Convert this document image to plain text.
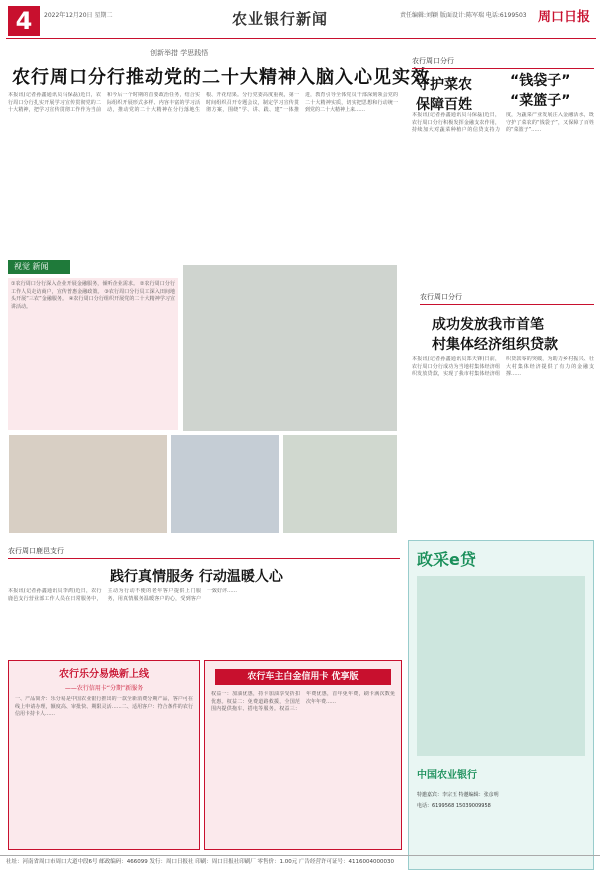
4	2022年12月20日 星期二	农业银行新闻	责任编辑:刘颖 版面设计:陈军瑞 电话:6199503 周口日报
创新举措 学思践悟
农行周口分行推动党的二十大精神入脑入心见实效
本报讯(记者孙鑫通讯员马保磊)近日，农行周口分行扎实开展学习宣传贯彻党的二十大精神，把学习宣传贯彻工作作为当前和今后一个时期的首要政治任务，结合实际组织开展形式多样、内容丰富的学习活动，推动党的二十大精神在分行落地生根、开花结果。分行党委高度重视，第一时间组织召开专题会议，制定学习宣传贯彻方案，围绕“学、讲、践、建”一体推进，教育引导全体党员干部深刻领会党的二十大精神实质，切实把思想和行动统一到党的二十大精神上来……
视觉 新闻
①农行周口分行深入企业开展金融服务，倾听企业需求。 ②农行周口分行工作人员走访商户，宣传普惠金融政策。 ③农行周口分行员工深入田间地头开展“三农”金融服务。 ④农行周口分行组织开展党的二十大精神学习宣讲活动。
农行周口分行
守护菜农	“钱袋子”
保障百姓	“菜篮子”
本报讯(记者孙鑫通讯员马保磊)近日，农行周口分行积极发挥金融支农作用，持续加大对蔬菜种植户的信贷支持力度，为蔬菜产业发展注入金融活水，既守护了菜农的“钱袋子”，又保障了百姓的“菜篮子”……
农行周口分行
成功发放我市首笔
村集体经济组织贷款
本报讯(记者孙鑫通讯员郑天锋)日前，农行周口分行成功为当地村集体经济组织发放贷款，实现了我市村集体经济组织贷款零的突破，为助力乡村振兴、壮大村集体经济提供了有力的金融支撑……
农行周口鹿邑支行
践行真情服务 行动温暖人心
本报讯(记者孙鑫通讯员李鸿)近日，农行鹿邑支行营业部工作人员在日常服务中，主动为行动不便的老年客户提供上门服务，用真情服务温暖客户的心，受到客户一致好评……
农行乐分易焕新上线
——农行信用卡“分期”新服务
一、产品简介：乐分易是中国农业银行推出的一款全新消费分期产品，客户可在线上申请办理，额度高、审批快、期限灵活……二、适用客户：符合条件的农行信用卡持卡人……
农行车主白金信用卡 优享版
权益一：加油优惠，持卡加油享受折扣优惠。权益二：免费道路救援，全国范围内提供拖车、搭电等服务。权益三：年费优惠，首年免年费，刷卡满次数免次年年费……
政采e贷
中国农业银行
特邀嘉宾：李宗玉 特邀编辑：张彦明
电话：6199568 15039009958
社址：河南省周口市周口大道中段6号 邮政编码：466099 发行：周口日报社 印刷：周口日报社印刷厂 零售价：1.00元 广告经营许可证号：4116004000030
